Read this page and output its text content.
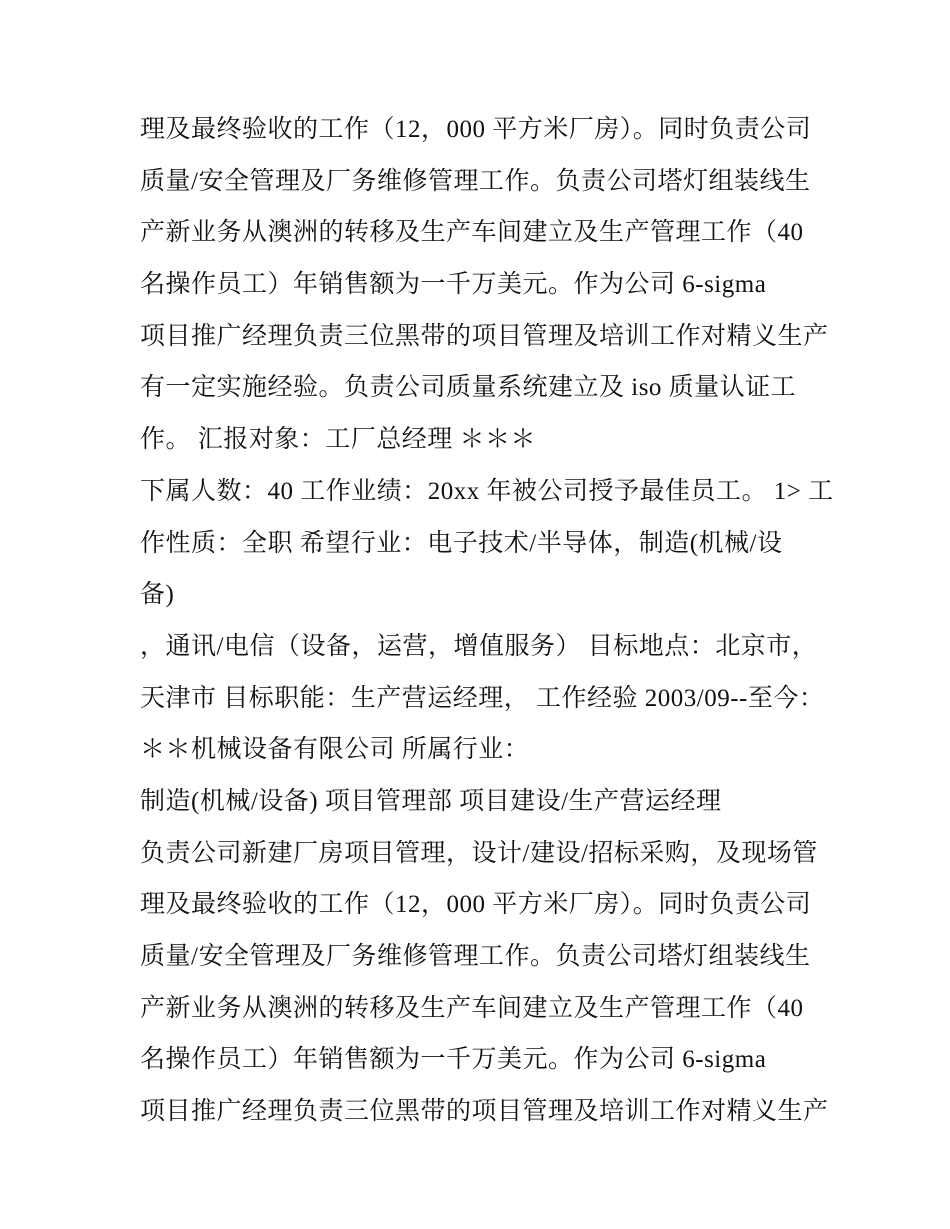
理及最终验收的工作（12，000 平方米厂房）。同时负责公司
质量/安全管理及厂务维修管理工作。负责公司塔灯组装线生
产新业务从澳洲的转移及生产车间建立及生产管理工作（40
名操作员工）年销售额为一千万美元。作为公司 6-sigma
项目推广经理负责三位黑带的项目管理及培训工作对精义生产
有一定实施经验。负责公司质量系统建立及 iso 质量认证工
作。 汇报对象：工厂总经理 ＊＊＊
下属人数：40 工作业绩：20xx 年被公司授予最佳员工。 1> 工
作性质：全职 希望行业：电子技术/半导体，制造(机械/设
备)
，通讯/电信（设备，运营，增值服务） 目标地点：北京市，
天津市 目标职能：生产营运经理， 工作经验 2003/09--至今：
＊＊机械设备有限公司 所属行业：
制造(机械/设备) 项目管理部 项目建设/生产营运经理
负责公司新建厂房项目管理，设计/建设/招标采购，及现场管
理及最终验收的工作（12，000 平方米厂房）。同时负责公司
质量/安全管理及厂务维修管理工作。负责公司塔灯组装线生
产新业务从澳洲的转移及生产车间建立及生产管理工作（40
名操作员工）年销售额为一千万美元。作为公司 6-sigma
项目推广经理负责三位黑带的项目管理及培训工作对精义生产
